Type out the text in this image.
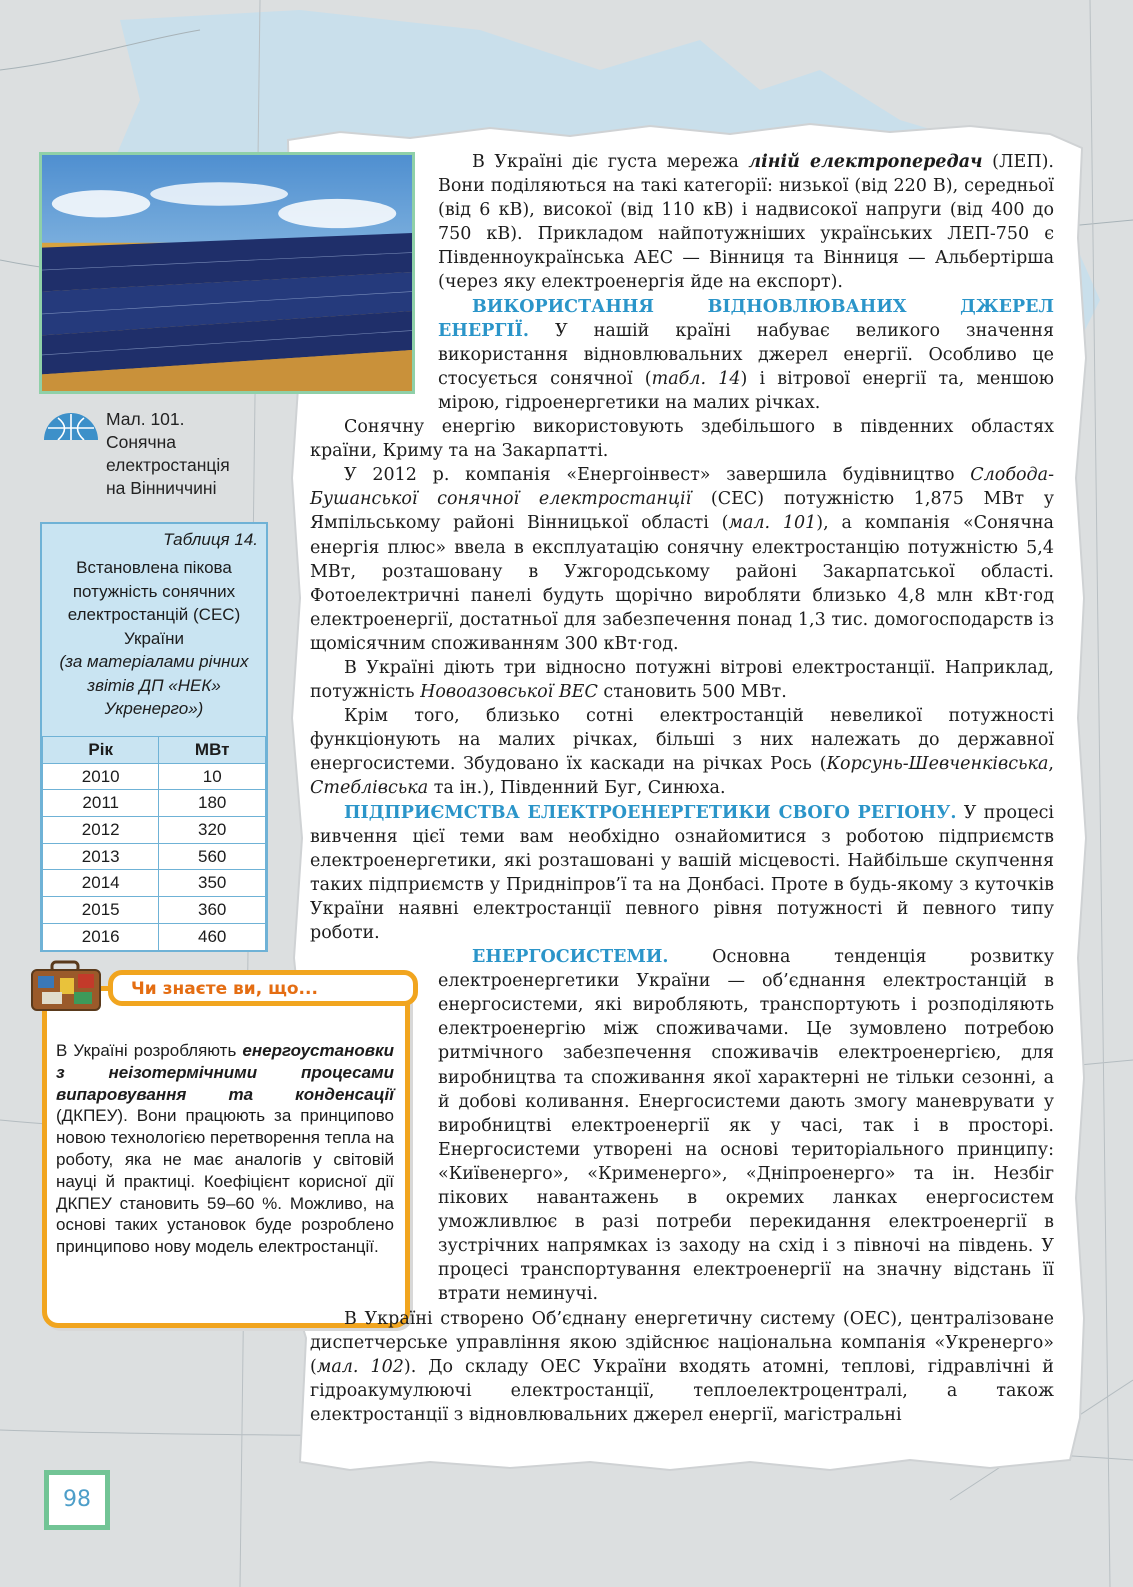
Мал. 101.
Сонячна
електростанція
на Вінниччині
Таблиця 14.
Встановлена пікова потужність сонячних електростанцій (СЕС) України
(за матеріалами річних звітів ДП «НЕК» Укренерго»)
Рік	МВт
2010	10
2011	180
2012	320
2013	560
2014	350
2015	360
2016	460
Чи знаєте ви, що...
В Україні розробляють енергоустановки з неізотермічними процесами випаровування та конденсації (ДКПЕУ). Вони працюють за принципово новою технологією перетворення тепла на роботу, яка не має аналогів у світовій науці й практиці. Коефіцієнт корисної дії ДКПЕУ становить 59–60 %. Можливо, на основі таких установок буде розроблено принципово нову модель електростанції.

В Україні діє густа мережа ліній електропередач (ЛЕП). Вони поділяються на такі категорії: низької (від 220 В), середньої (від 6 кВ), високої (від 110 кВ) і надвисокої напруги (від 400 до 750 кВ). Прикладом найпотужніших українських ЛЕП-750 є Південноукраїнська АЕС — Вінниця та Вінниця — Альбертірша (через яку електроенергія йде на експорт).

ВИКОРИСТАННЯ ВІДНОВЛЮВАНИХ ДЖЕРЕЛ ЕНЕРГІЇ. У нашій країні набуває великого значення використання відновлювальних джерел енергії. Особливо це стосується сонячної (табл. 14) і вітрової енергії та, меншою мірою, гідроенергетики на малих річках.

Сонячну енергію використовують здебільшого в південних областях країни, Криму та на Закарпатті.

У 2012 р. компанія «Енергоінвест» завершила будівництво Слобода-Бушанської сонячної електростанції (СЕС) потужністю 1,875 МВт у Ямпільському районі Вінницької області (мал. 101), а компанія «Сонячна енергія плюс» ввела в експлуатацію сонячну електростанцію потужністю 5,4 МВт, розташовану в Ужгородському районі Закарпатської області. Фотоелектричні панелі будуть щорічно виробляти близько 4,8 млн кВт·год електроенергії, достатньої для забезпечення понад 1,3 тис. домогосподарств із щомісячним споживанням 300 кВт·год.

В Україні діють три відносно потужні вітрові електростанції. Наприклад, потужність Новоазовської ВЕС становить 500 МВт.

Крім того, близько сотні електростанцій невеликої потужності функціонують на малих річках, більші з них належать до державної енергосистеми. Збудовано їх каскади на річках Рось (Корсунь-Шевченківська, Стеблівська та ін.), Південний Буг, Синюха.

ПІДПРИЄМСТВА ЕЛЕКТРОЕНЕРГЕТИКИ СВОГО РЕГІОНУ. У процесі вивчення цієї теми вам необхідно ознайомитися з роботою підприємств електроенергетики, які розташовані у вашій місцевості. Найбільше скупчення таких підприємств у Придніпров’ї та на Донбасі. Проте в будь-якому з куточків України наявні електростанції певного рівня потужності й певного типу роботи.

ЕНЕРГОСИСТЕМИ. Основна тенденція розвитку електроенергетики України — об’єднання електростанцій в енергосистеми, які виробляють, транспортують і розподіляють електроенергію між споживачами. Це зумовлено потребою ритмічного забезпечення споживачів електроенергією, для виробництва та споживання якої характерні не тільки сезонні, а й добові коливання. Енергосистеми дають змогу маневрувати у виробництві електроенергії як у часі, так і в просторі. Енергосистеми утворені на основі територіального принципу: «Київенерго», «Крименерго», «Дніпроенерго» та ін. Незбіг пікових навантажень в окремих ланках енергосистем уможливлює в разі потреби перекидання електроенергії в зустрічних напрямках із заходу на схід і з півночі на південь. У процесі транспортування електроенергії на значну відстань її втрати неминучі.

В Україні створено Об’єднану енергетичну систему (ОЕС), централізоване диспетчерське управління якою здійснює національна компанія «Укренерго» (мал. 102). До складу ОЕС України входять атомні, теплові, гідравлічні й гідроакумулюючі електростанції, теплоелектроцентралі, а також електростанції з відновлювальних джерел енергії, магістральні

98
